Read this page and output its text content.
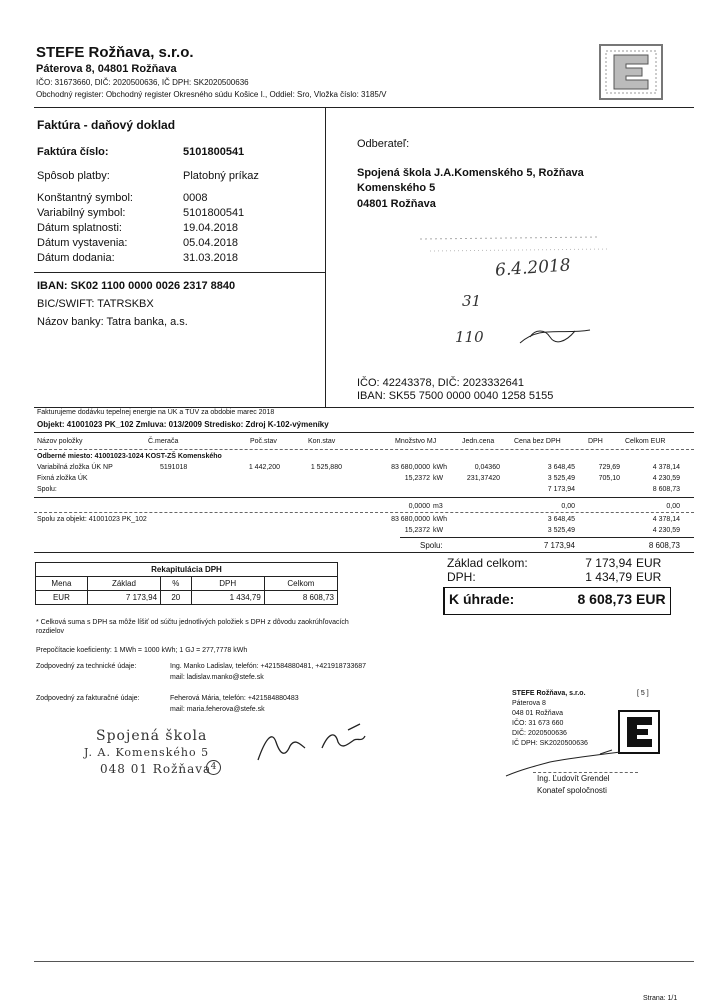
STEFE Rožňava, s.r.o.
Páterova 8, 04801 Rožňava
IČO: 31673660, DIČ: 2020500636, IČ DPH: SK2020500636
Obchodný register: Obchodný register Okresného súdu Košice I., Oddiel: Sro, Vložka číslo: 3185/V
Faktúra - daňový doklad
Faktúra číslo:	5101800541
Spôsob platby:	Platobný príkaz
Konštantný symbol:	0008
Variabilný symbol:	5101800541
Dátum splatnosti:	19.04.2018
Dátum vystavenia:	05.04.2018
Dátum dodania:	31.03.2018
IBAN: SK02 1100 0000 0026 2317 8840
BIC/SWIFT: TATRSKBX
Názov banky: Tatra banka, a.s.
Odberateľ:
Spojená škola J.A.Komenského 5, Rožňava
Komenského 5
04801 Rožňava
IČO: 42243378, DIČ: 2023332641
IBAN: SK55 7500 0000 0040 1258 5155
6.4.2018
31
110
Fakturujeme dodávku tepelnej energie na ÚK a TÚV za obdobie marec 2018
Objekt: 41001023 PK_102 Zmluva: 013/2009 Stredisko: Zdroj K-102-výmeníky
Názov položky	Č.merača	Poč.stav	Kon.stav	Množstvo MJ	Jedn.cena	Cena bez DPH	DPH	Celkom EUR
Odberné miesto: 41001023-1024 KOST-ZŠ Komenského
Variabilná zložka ÚK NP	5191018	1 442,200	1 525,880	83 680,0000 kWh	0,04360	3 648,45	729,69	4 378,14
Fixná zložka ÚK	15,2372 kW	231,37420	3 525,49	705,10	4 230,59
Spolu:	7 173,94	8 608,73
0,0000 m3	0,00	0,00
Spolu za objekt: 41001023 PK_102	83 680,0000 kWh	3 648,45	4 378,14
15,2372 kW	3 525,49	4 230,59
Spolu:	7 173,94	8 608,73
Rekapitulácia DPH				
Mena	Základ	%	DPH	Celkom
EUR	7 173,94	20	1 434,79	8 608,73
Základ celkom:	7 173,94 EUR
DPH:	1 434,79 EUR
K úhrade:	8 608,73 EUR
* Celková suma s DPH sa môže líšiť od súčtu jednotlivých položiek s DPH z dôvodu zaokrúhľovacích rozdielov
Prepočítacie koeficienty: 1 MWh = 1000 kWh; 1 GJ = 277,7778 kWh
Zodpovedný za technické údaje:	Ing. Manko Ladislav, telefón: +421584880481, +421918733687
mail: ladislav.manko@stefe.sk
Zodpovedný za fakturačné údaje:	Feherová Mária, telefón: +421584880483
mail: maria.feherova@stefe.sk
Spojená škola
J. A. Komenského 5
048 01 Rožňava 4
STEFE Rožňava, s.r.o.	[ 5 ]
Páterova 8
048 01 Rožňava
IČO: 31 673 660
DIČ: 2020500636
IČ DPH: SK2020500636
Ing. Ľudovít Grendel
Konateľ spoločnosti
Strana: 1/1
